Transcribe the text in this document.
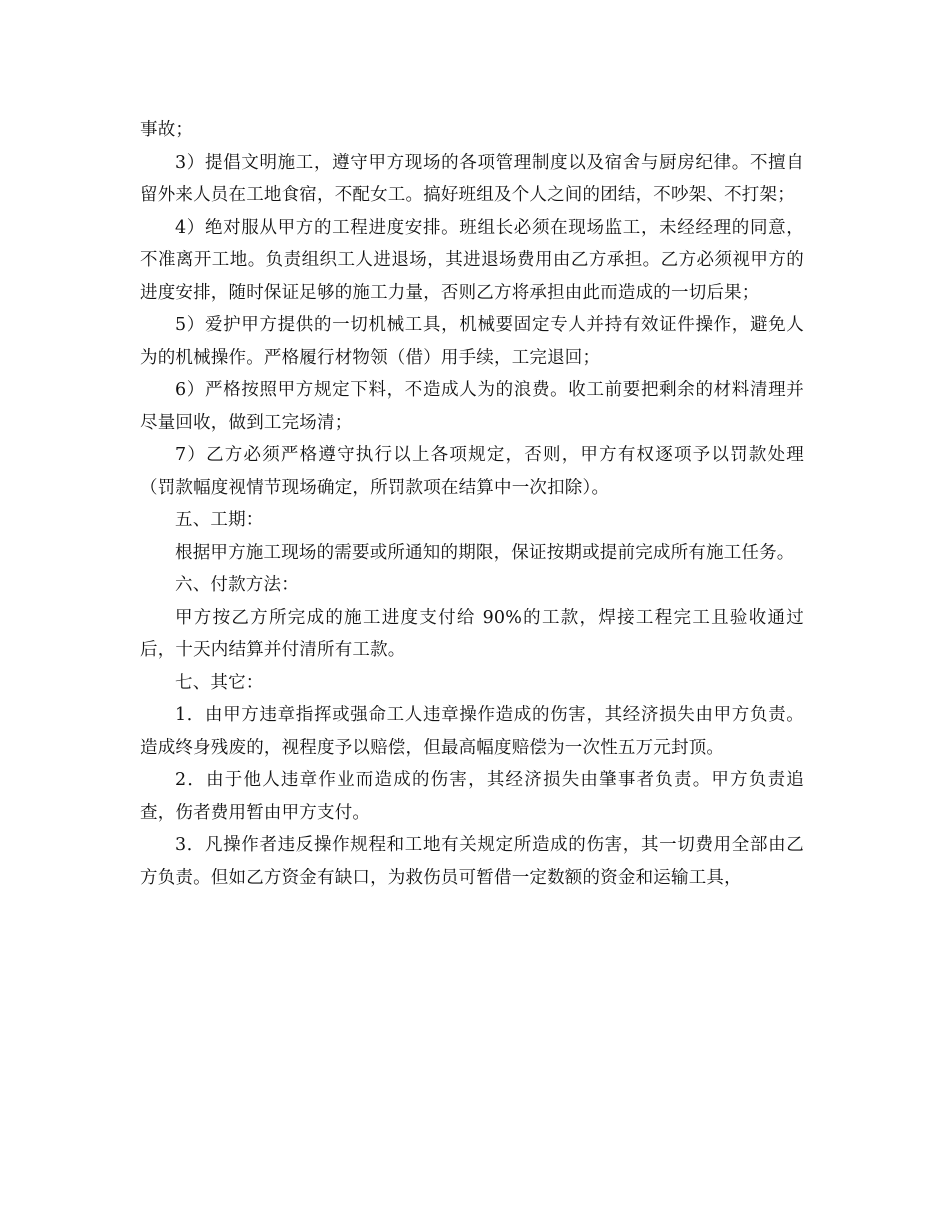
事故；

3）提倡文明施工，遵守甲方现场的各项管理制度以及宿舍与厨房纪律。不擅自留外来人员在工地食宿，不配女工。搞好班组及个人之间的团结，不吵架、不打架；

4）绝对服从甲方的工程进度安排。班组长必须在现场监工，未经经理的同意，不准离开工地。负责组织工人进退场，其进退场费用由乙方承担。乙方必须视甲方的进度安排，随时保证足够的施工力量，否则乙方将承担由此而造成的一切后果；

5）爱护甲方提供的一切机械工具，机械要固定专人并持有效证件操作，避免人为的机械操作。严格履行材物领（借）用手续，工完退回；

6）严格按照甲方规定下料，不造成人为的浪费。收工前要把剩余的材料清理并尽量回收，做到工完场清；

7）乙方必须严格遵守执行以上各项规定，否则，甲方有权逐项予以罚款处理（罚款幅度视情节现场确定，所罚款项在结算中一次扣除）。

五、工期：

根据甲方施工现场的需要或所通知的期限，保证按期或提前完成所有施工任务。

六、付款方法：

甲方按乙方所完成的施工进度支付给 90%的工款，焊接工程完工且验收通过后，十天内结算并付清所有工款。

七、其它：

1．由甲方违章指挥或强命工人违章操作造成的伤害，其经济损失由甲方负责。造成终身残废的，视程度予以赔偿，但最高幅度赔偿为一次性五万元封顶。

2．由于他人违章作业而造成的伤害，其经济损失由肇事者负责。甲方负责追查，伤者费用暂由甲方支付。

3．凡操作者违反操作规程和工地有关规定所造成的伤害，其一切费用全部由乙方负责。但如乙方资金有缺口，为救伤员可暂借一定数额的资金和运输工具，
